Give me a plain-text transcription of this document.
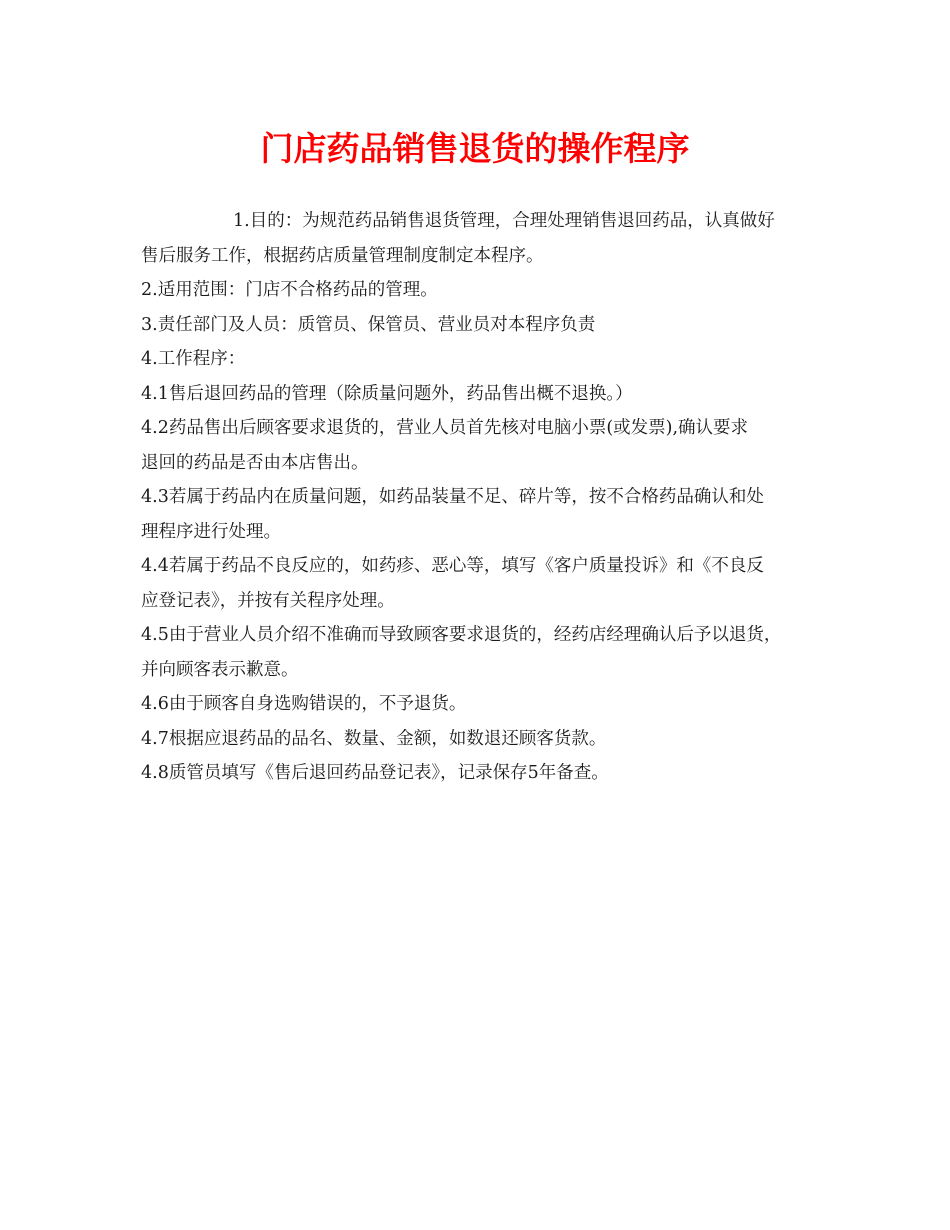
门店药品销售退货的操作程序

1.目的：为规范药品销售退货管理，合理处理销售退回药品，认真做好
售后服务工作，根据药店质量管理制度制定本程序。

2.适用范围：门店不合格药品的管理。

3.责任部门及人员：质管员、保管员、营业员对本程序负责

4.工作程序：

4.1售后退回药品的管理（除质量问题外，药品售出概不退换。）

4.2药品售出后顾客要求退货的，营业人员首先核对电脑小票(或发票),确认要求
退回的药品是否由本店售出。

4.3若属于药品内在质量问题，如药品装量不足、碎片等，按不合格药品确认和处
理程序进行处理。

4.4若属于药品不良反应的，如药疹、恶心等，填写《客户质量投诉》和《不良反
应登记表》，并按有关程序处理。

4.5由于营业人员介绍不准确而导致顾客要求退货的，经药店经理确认后予以退货，
并向顾客表示歉意。

4.6由于顾客自身选购错误的，不予退货。

4.7根据应退药品的品名、数量、金额，如数退还顾客货款。

4.8质管员填写《售后退回药品登记表》，记录保存5年备查。
